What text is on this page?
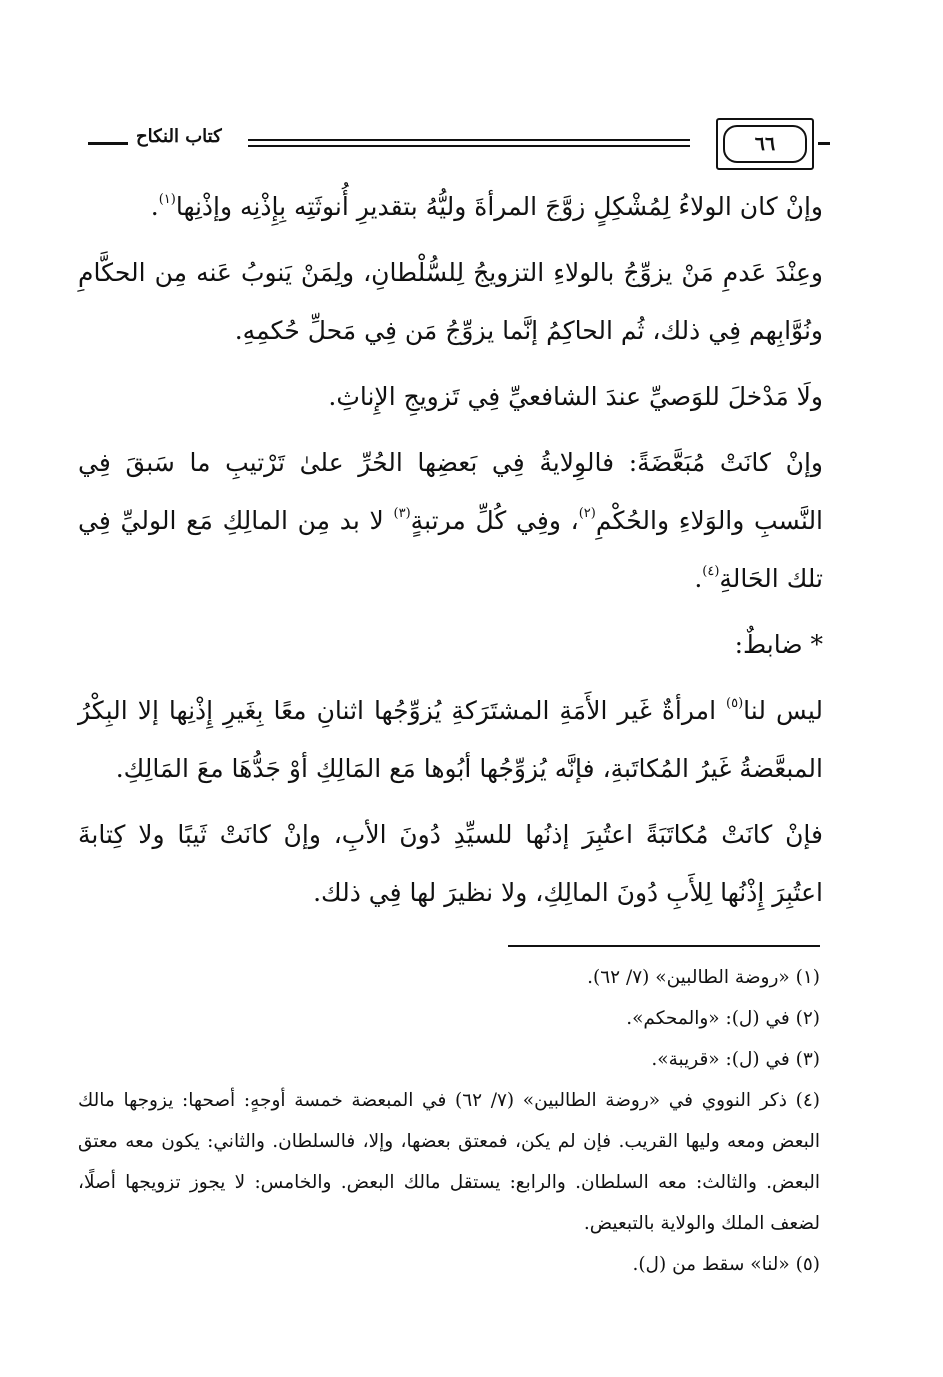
كتاب النكاح	٦٦

وإنْ كان الولاءُ لِمُشْكِلٍ زوَّجَ المرأةَ وليُّهُ بتقديرِ أُنوثَتِه بِإِذْنِه وإذْنِها$^{(١)}$.

وعِنْدَ عَدمِ مَنْ يزوِّجُ بالولاءِ التزويجُ لِلسُّلْطانِ، ولِمَنْ يَنوبُ عَنه مِن الحكَّامِ ونُوَّابِهم فِي ذلك، ثُم الحاكِمُ إنَّما يزوِّجُ مَن فِي مَحلِّ حُكمِهِ.

ولَا مَدْخلَ للوَصيِّ عندَ الشافعيِّ فِي تَزويجِ الإِناثِ.

وإنْ كانَتْ مُبَعَّضَةً: فالوِلايةُ فِي بَعضِها الحُرِّ علىٰ تَرْتيبِ ما سَبقَ فِي النَّسبِ والوَلاءِ والحُكْمِ$^{(٢)}$، وفِي كُلِّ مرتبةٍ$^{(٣)}$ لا بد مِن المالِكِ مَع الوليِّ فِي تلك الحَالةِ$^{(٤)}$.

* ضابطٌ:

ليس لنا$^{(٥)}$ امرأةٌ غَير الأَمَةِ المشتَرَكةِ يُزوِّجُها اثنانِ معًا بِغَيرِ إِذْنِها إلا البِكْرُ المبعَّضةُ غَيرُ المُكاتَبةِ، فإنَّه يُزوِّجُها أبُوها مَع المَالِكِ أوْ جَدُّهَا معَ المَالِكِ.

فإنْ كانَتْ مُكاتَبَةً اعتُبِرَ إذنُها للسيِّدِ دُونَ الأبِ، وإنْ كانَتْ ثَيبًا ولا كِتابةَ اعتُبِرَ إِذْنُها لِلأَبِ دُونَ المالِكِ، ولا نظيرَ لها فِي ذلك.

(١) «روضة الطالبين» (٧/ ٦٢).

(٢) في (ل): «والمحكم».

(٣) في (ل): «قريبة».

(٤) ذكر النووي في «روضة الطالبين» (٧/ ٦٢) في المبعضة خمسة أوجهٍ: أصحها: يزوجها مالك البعض ومعه وليها القريب. فإن لم يكن، فمعتق بعضها، وإلا، فالسلطان. والثاني: يكون معه معتق البعض. والثالث: معه السلطان. والرابع: يستقل مالك البعض. والخامس: لا يجوز تزويجها أصلًا، لضعف الملك والولاية بالتبعيض.

(٥) «لنا» سقط من (ل).
